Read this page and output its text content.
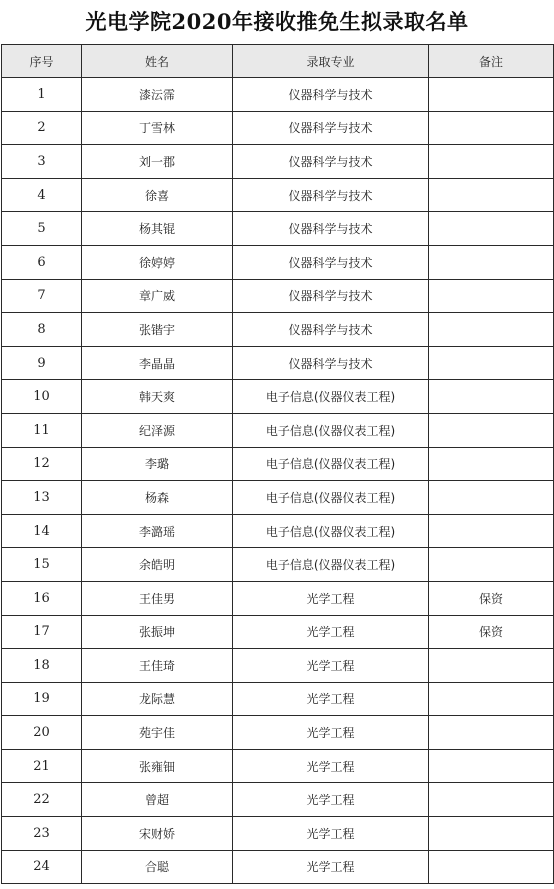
光电学院2020年接收推免生拟录取名单
序号	姓名	录取专业	备注
1	漆沄霈	仪器科学与技术	
2	丁雪林	仪器科学与技术	
3	刘一郡	仪器科学与技术	
4	徐喜	仪器科学与技术	
5	杨其锟	仪器科学与技术	
6	徐婷婷	仪器科学与技术	
7	章广威	仪器科学与技术	
8	张锴宇	仪器科学与技术	
9	李晶晶	仪器科学与技术	
10	韩天爽	电子信息(仪器仪表工程)	
11	纪泽源	电子信息(仪器仪表工程)	
12	李璐	电子信息(仪器仪表工程)	
13	杨森	电子信息(仪器仪表工程)	
14	李潞瑶	电子信息(仪器仪表工程)	
15	余皓明	电子信息(仪器仪表工程)	
16	王佳男	光学工程	保资
17	张振坤	光学工程	保资
18	王佳琦	光学工程	
19	龙际慧	光学工程	
20	苑宇佳	光学工程	
21	张雍钿	光学工程	
22	曾超	光学工程	
23	宋财娇	光学工程	
24	合聪	光学工程	
